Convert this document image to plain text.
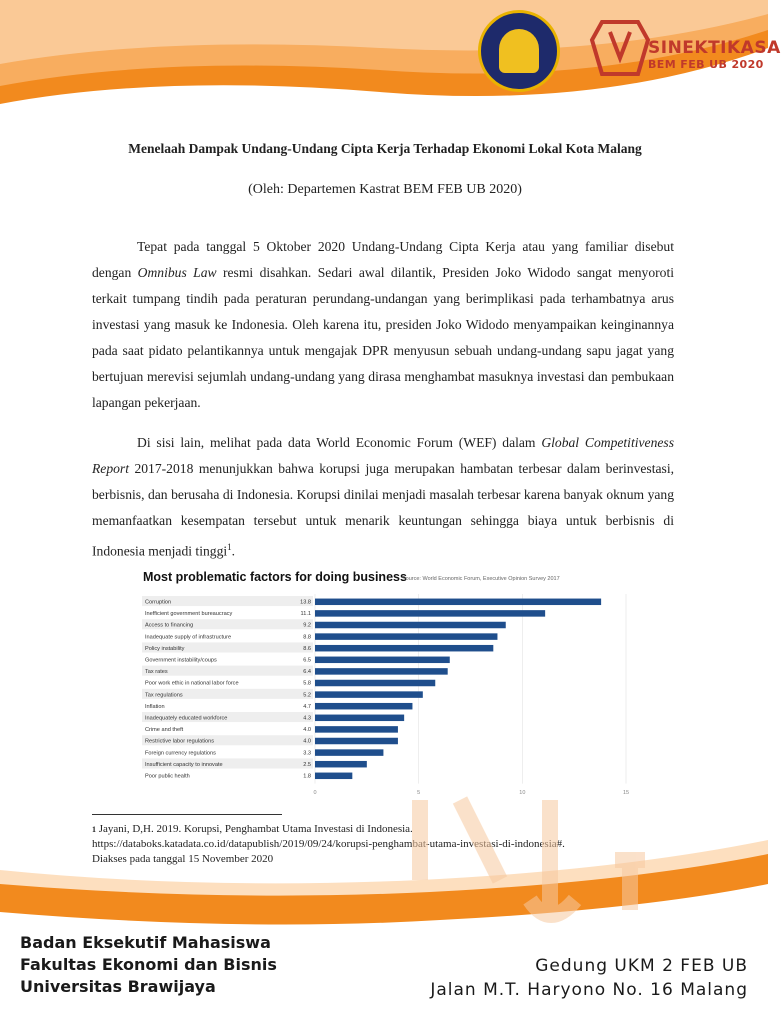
SINEKTIKASA
BEM FEB UB 2020
Menelaah Dampak Undang-Undang Cipta Kerja Terhadap Ekonomi Lokal Kota Malang
(Oleh: Departemen Kastrat BEM FEB UB 2020)
Tepat pada tanggal 5 Oktober 2020 Undang-Undang Cipta Kerja atau yang familiar disebut dengan Omnibus Law resmi disahkan. Sedari awal dilantik, Presiden Joko Widodo sangat menyoroti terkait tumpang tindih pada peraturan perundang-undangan yang berimplikasi pada terhambatnya arus investasi yang masuk ke Indonesia. Oleh karena itu, presiden Joko Widodo menyampaikan keinginannya pada saat pidato pelantikannya untuk mengajak DPR menyusun sebuah undang-undang sapu jagat yang bertujuan merevisi sejumlah undang-undang yang dirasa menghambat masuknya investasi dan pembukaan lapangan pekerjaan.
Di sisi lain, melihat pada data World Economic Forum (WEF) dalam Global Competitiveness Report 2017-2018 menunjukkan bahwa korupsi juga merupakan hambatan terbesar dalam berinvestasi, berbisnis, dan berusaha di Indonesia. Korupsi dinilai menjadi masalah terbesar karena banyak oknum yang memanfaatkan kesempatan tersebut untuk menarik keuntungan sehingga biaya untuk berbisnis di Indonesia menjadi tinggi$^1$.
0	5	10	15
Corruption	13.8
Inefficient government bureaucracy	11.1
Access to financing	9.2
Inadequate supply of infrastructure	8.8
Policy instability	8.6
Government instability/coups	6.5
Tax rates	6.4
Poor work ethic in national labor force	5.8
Tax regulations	5.2
Inflation	4.7
Inadequately educated workforce	4.3
Crime and theft	4.0
Restrictive labor regulations	4.0
Foreign currency regulations	3.3
Insufficient capacity to innovate	2.5
Poor public health	1.8
Most problematic factors for doing business
Source: World Economic Forum, Executive Opinion Survey 2017
$^1$ Jayani, D,H. 2019. Korupsi, Penghambat Utama Investasi di Indonesia.
https://databoks.katadata.co.id/datapublish/2019/09/24/korupsi-penghambat-utama-investasi-di-indonesia#.
Diakses pada tanggal 15 November 2020
Badan Eksekutif Mahasiswa
Fakultas Ekonomi dan Bisnis
Universitas Brawijaya
Gedung UKM 2 FEB UB
Jalan M.T. Haryono No. 16 Malang
